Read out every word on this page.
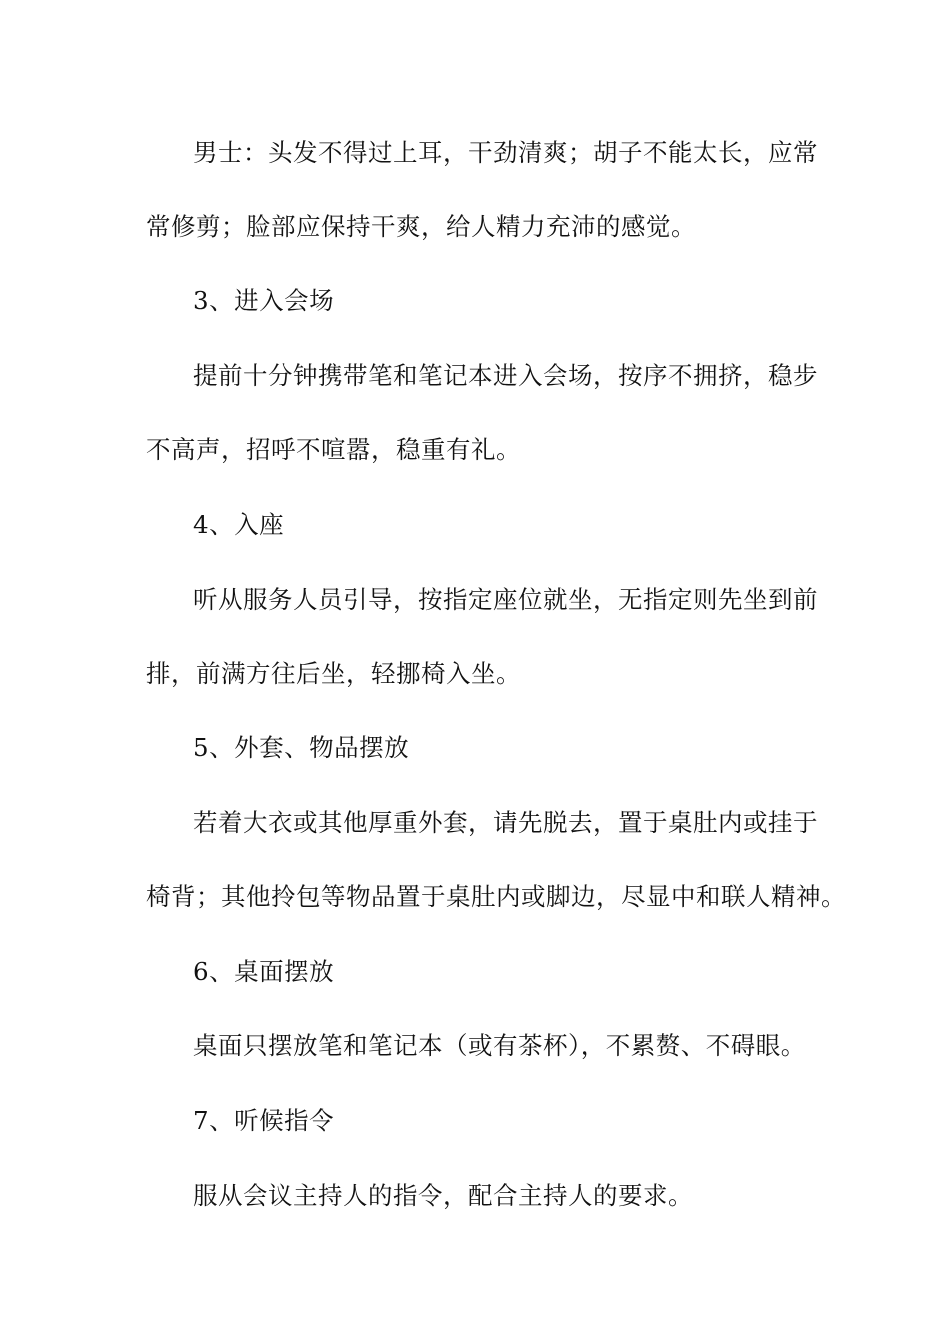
男士：头发不得过上耳，干劲清爽；胡子不能太长，应常
常修剪；脸部应保持干爽，给人精力充沛的感觉。
3、进入会场
提前十分钟携带笔和笔记本进入会场，按序不拥挤，稳步
不高声，招呼不喧嚣，稳重有礼。
4、入座
听从服务人员引导，按指定座位就坐，无指定则先坐到前
排，前满方往后坐，轻挪椅入坐。
5、外套、物品摆放
若着大衣或其他厚重外套，请先脱去，置于桌肚内或挂于
椅背；其他拎包等物品置于桌肚内或脚边，尽显中和联人精神。
6、桌面摆放
桌面只摆放笔和笔记本（或有茶杯），不累赘、不碍眼。
7、听候指令
服从会议主持人的指令，配合主持人的要求。
